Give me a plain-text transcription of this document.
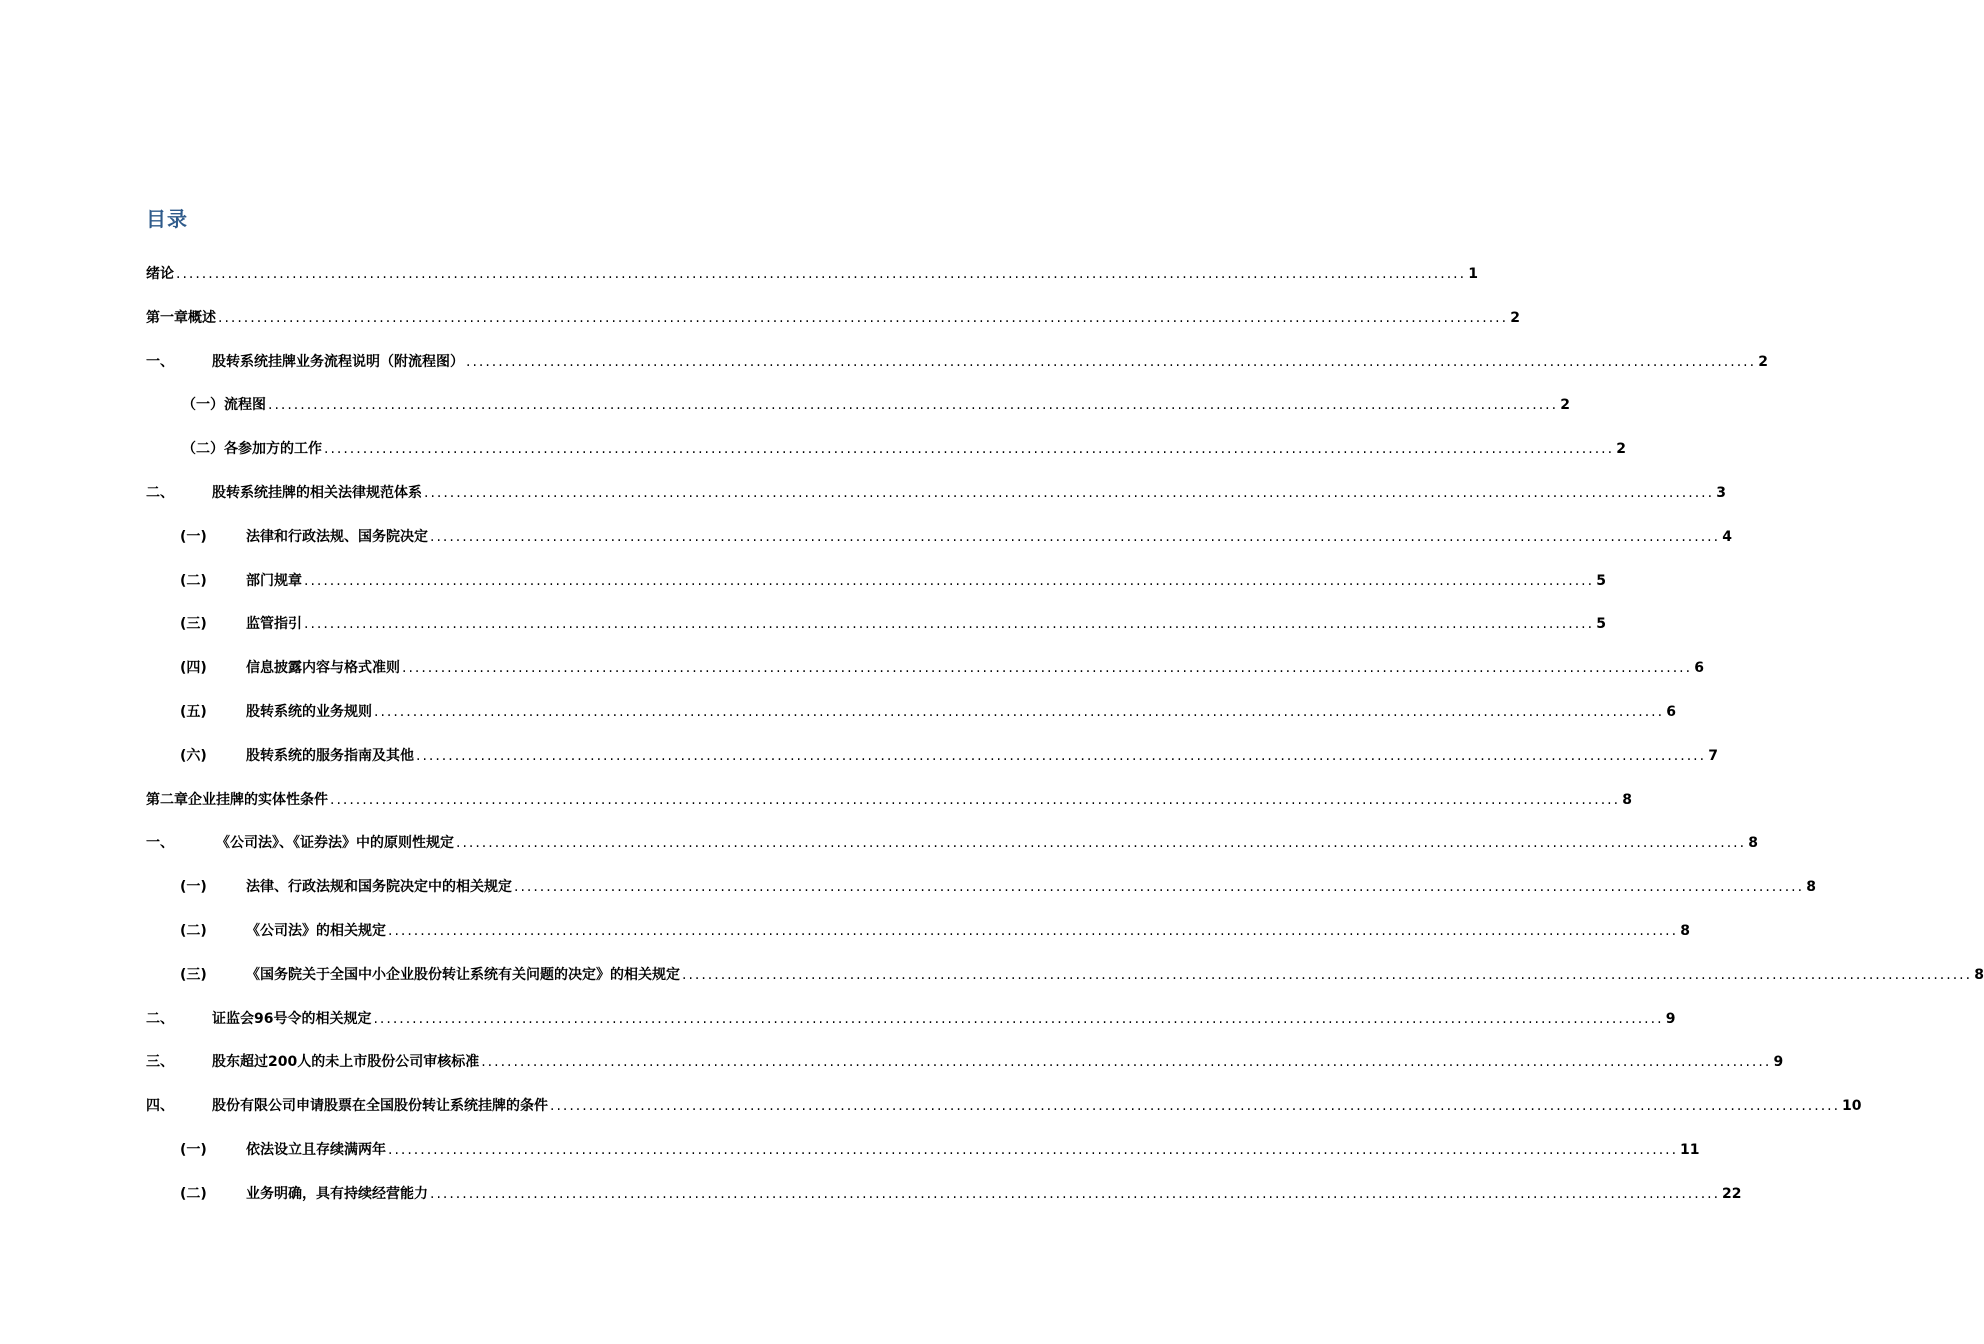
目录
绪论 ........................................................................................................................................................................................................ 1
第一章概述 ........................................................................................................................................................................................................ 2
一、	股转系统挂牌业务流程说明（附流程图） ........................................................................................................................................................................................................ 2
（一）流程图 ........................................................................................................................................................................................................ 2
（二）各参加方的工作 ........................................................................................................................................................................................................ 2
二、	股转系统挂牌的相关法律规范体系 ........................................................................................................................................................................................................ 3
(一)	法律和行政法规、国务院决定 ........................................................................................................................................................................................................ 4
(二)	部门规章 ........................................................................................................................................................................................................ 5
(三)	监管指引 ........................................................................................................................................................................................................ 5
(四)	信息披露内容与格式准则 ........................................................................................................................................................................................................ 6
(五)	股转系统的业务规则 ........................................................................................................................................................................................................ 6
(六)	股转系统的服务指南及其他 ........................................................................................................................................................................................................ 7
第二章企业挂牌的实体性条件 ........................................................................................................................................................................................................ 8
一、	《公司法》、《证券法》中的原则性规定 ........................................................................................................................................................................................................ 8
(一)	法律、行政法规和国务院决定中的相关规定 ........................................................................................................................................................................................................ 8
(二)	《公司法》的相关规定 ........................................................................................................................................................................................................ 8
(三)	《国务院关于全国中小企业股份转让系统有关问题的决定》的相关规定 ........................................................................................................................................................................................................ 8
二、	证监会96号令的相关规定 ........................................................................................................................................................................................................ 9
三、	股东超过200人的未上市股份公司审核标准 ........................................................................................................................................................................................................ 9
四、	股份有限公司申请股票在全国股份转让系统挂牌的条件 ........................................................................................................................................................................................................ 10
(一)	依法设立且存续满两年 ........................................................................................................................................................................................................ 11
(二)	业务明确，具有持续经营能力 ........................................................................................................................................................................................................ 22
